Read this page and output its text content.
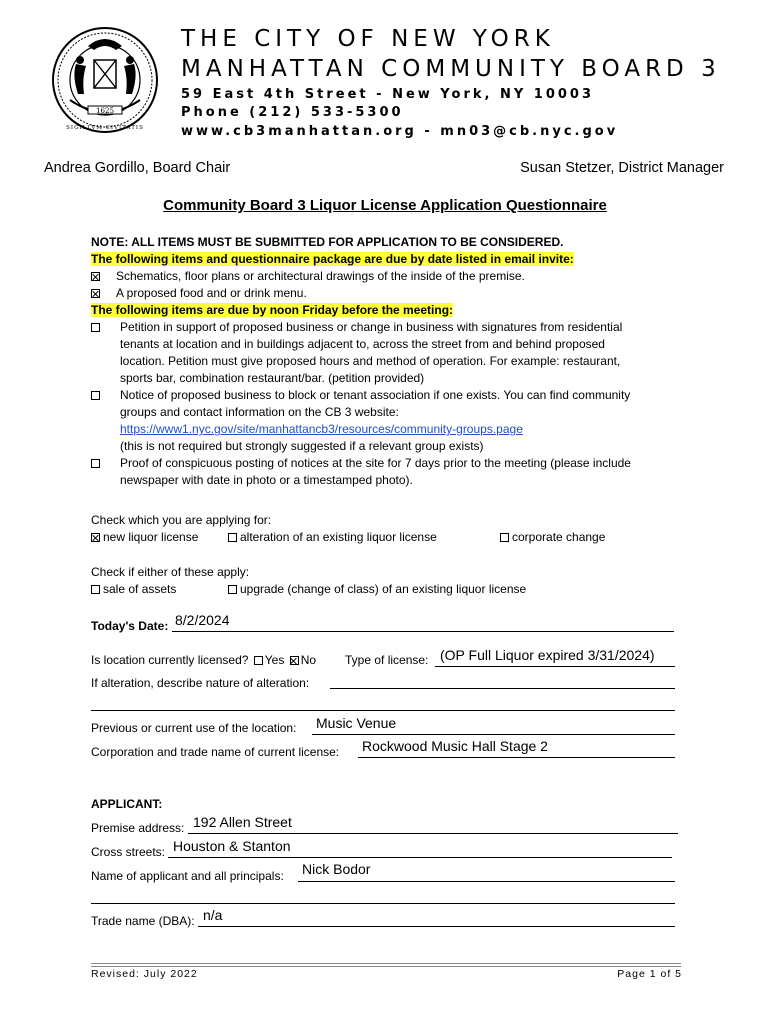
1625
SIGILLVM CIVITATIS
THE CITY OF NEW YORK
MANHATTAN COMMUNITY BOARD 3
59 East 4th Street - New York, NY 10003
Phone (212) 533-5300
www.cb3manhattan.org - mn03@cb.nyc.gov
Andrea Gordillo, Board Chair	Susan Stetzer, District Manager
Community Board 3 Liquor License Application Questionnaire
NOTE: ALL ITEMS MUST BE SUBMITTED FOR APPLICATION TO BE CONSIDERED.
The following items and questionnaire package are due by date listed in email invite:
Schematics, floor plans or architectural drawings of the inside of the premise.
A proposed food and or drink menu.
The following items are due by noon Friday before the meeting:
Petition in support of proposed business or change in business with signatures from residential
tenants at location and in buildings adjacent to, across the street from and behind proposed
location. Petition must give proposed hours and method of operation. For example: restaurant,
sports bar, combination restaurant/bar. (petition provided)
Notice of proposed business to block or tenant association if one exists. You can find community
groups and contact information on the CB 3 website:
https://www1.nyc.gov/site/manhattancb3/resources/community-groups.page
(this is not required but strongly suggested if a relevant group exists)
Proof of conspicuous posting of notices at the site for 7 days prior to the meeting (please include
newspaper with date in photo or a timestamped photo).
Check which you are applying for:
new liquor license	alteration of an existing liquor license	corporate change
Check if either of these apply:
sale of assets	upgrade (change of class) of an existing liquor license
Today's Date: 8/2/2024
Is location currently licensed? Yes No Type of license: (OP Full Liquor expired 3/31/2024)
If alteration, describe nature of alteration:
Previous or current use of the location: Music Venue
Corporation and trade name of current license: Rockwood Music Hall Stage 2
APPLICANT:
Premise address: 192 Allen Street
Cross streets: Houston & Stanton
Name of applicant and all principals: Nick Bodor
Trade name (DBA): n/a
Revised: July 2022	Page 1 of 5
